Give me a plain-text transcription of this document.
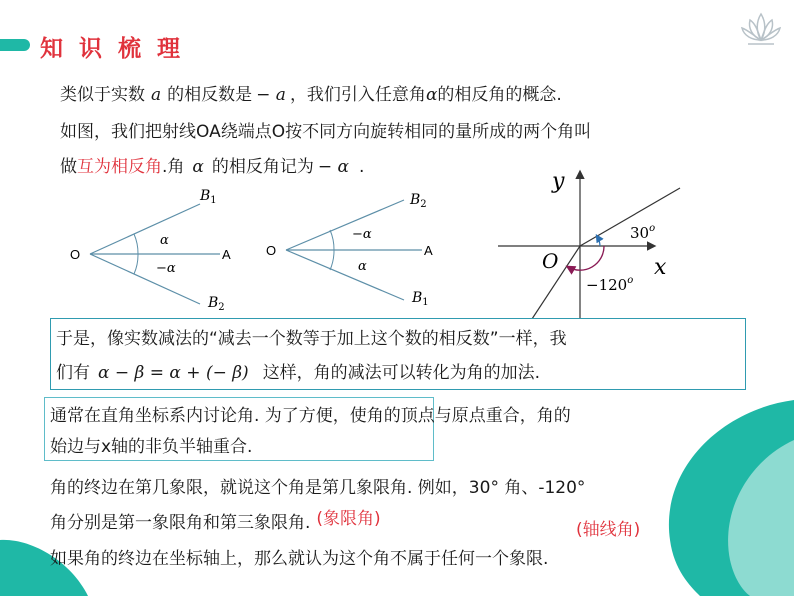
知 识 梳 理
类似于实数 a 的相反数是 − a ，我们引入任意角α的相反角的概念.
如图，我们把射线OA绕端点O按不同方向旋转相同的量所成的两个角叫
做互为相反角.角 α 的相反角记为 − α .
O	A
$B_1$
$B_2$
α
−α
O	A
$B_2$
$B_1$
−α
α
y
x
O
$30^o$
$-120^o$
于是，像实数减法的“减去一个数等于加上这个数的相反数”一样，我
们有 α − β = α + (− β) 这样，角的减法可以转化为角的加法.
通常在直角坐标系内讨论角. 为了方便，使角的顶点与原点重合，角的
始边与x轴的非负半轴重合.
角的终边在第几象限，就说这个角是第几象限角. 例如，30° 角、-120°
角分别是第一象限角和第三象限角. (象限角)
(轴线角)
如果角的终边在坐标轴上，那么就认为这个角不属于任何一个象限.
